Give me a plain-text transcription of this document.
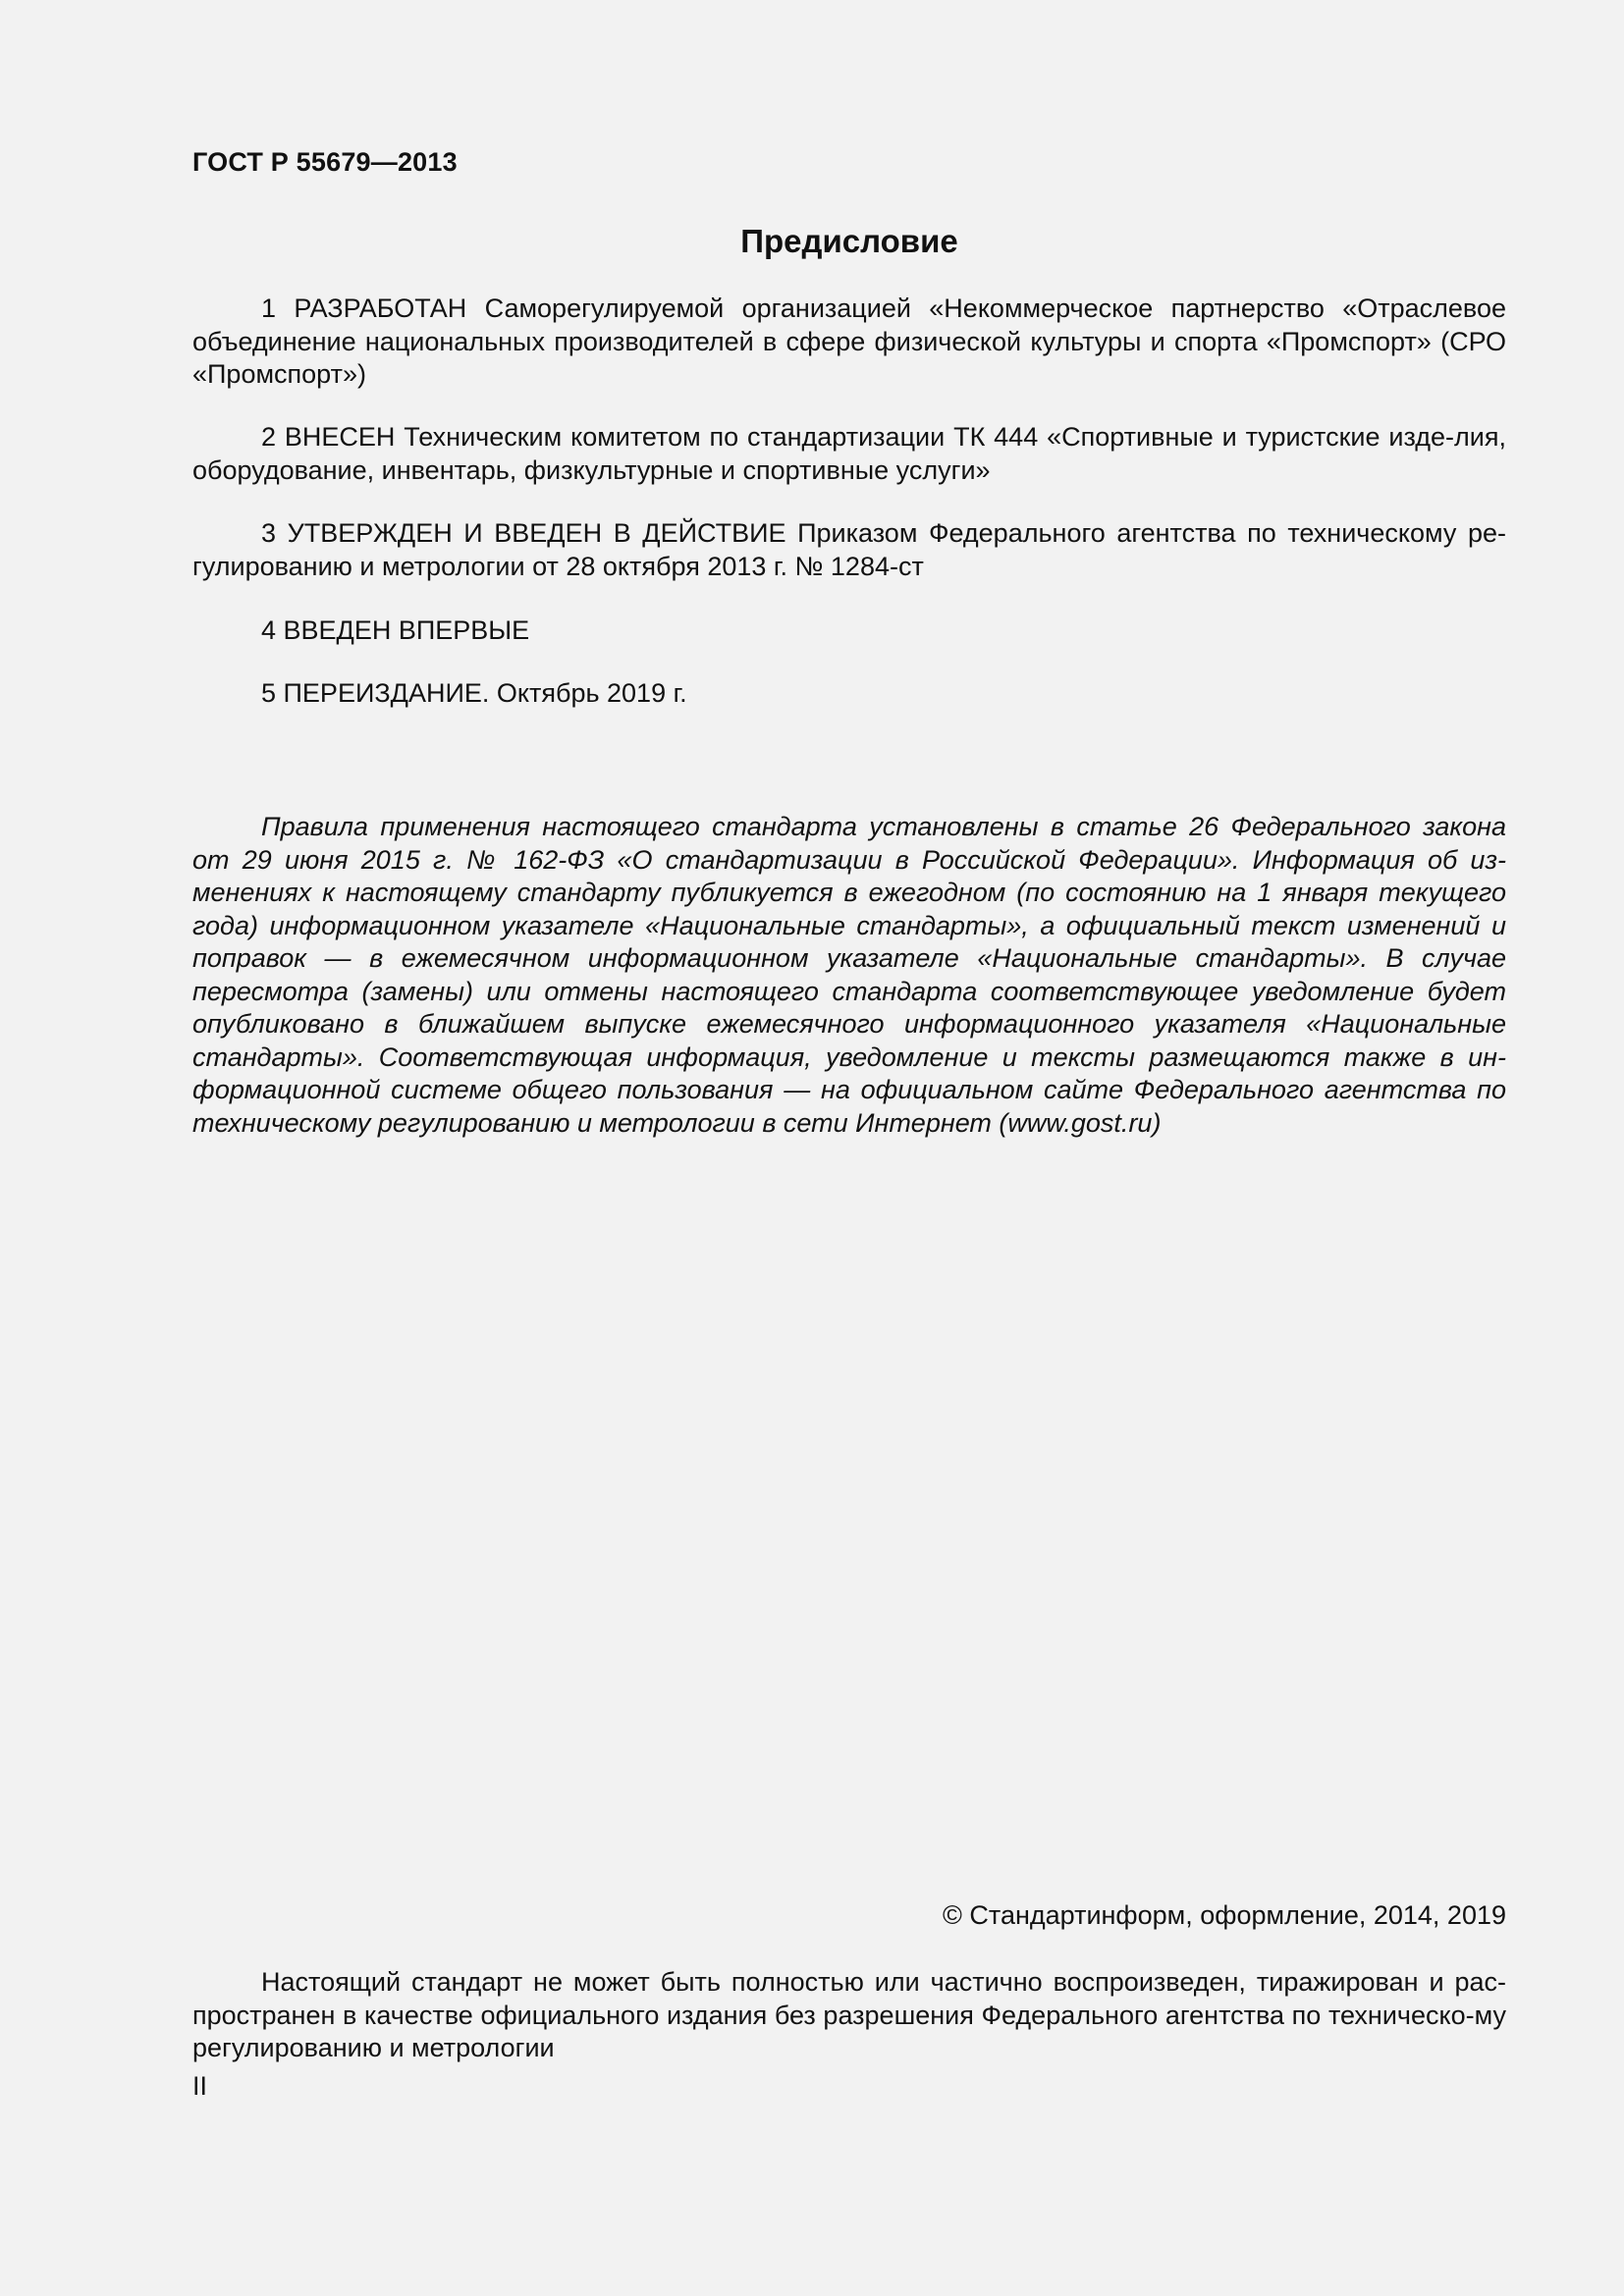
ГОСТ Р 55679—2013
Предисловие
1 РАЗРАБОТАН Саморегулируемой организацией «Некоммерческое партнерство «Отраслевое объединение национальных производителей в сфере физической культуры и спорта «Промспорт» (СРО «Промспорт»)
2 ВНЕСЕН Техническим комитетом по стандартизации ТК 444 «Спортивные и туристские изде-лия, оборудование, инвентарь, физкультурные и спортивные услуги»
3 УТВЕРЖДЕН И ВВЕДЕН В ДЕЙСТВИЕ Приказом Федерального агентства по техническому ре-гулированию и метрологии от 28 октября 2013 г. № 1284-ст
4 ВВЕДЕН ВПЕРВЫЕ
5 ПЕРЕИЗДАНИЕ. Октябрь 2019 г.
Правила применения настоящего стандарта установлены в статье 26 Федерального закона от 29 июня 2015 г. № 162-ФЗ «О стандартизации в Российской Федерации». Информация об из-менениях к настоящему стандарту публикуется в ежегодном (по состоянию на 1 января текущего года) информационном указателе «Национальные стандарты», а официальный текст изменений и поправок — в ежемесячном информационном указателе «Национальные стандарты». В случае пересмотра (замены) или отмены настоящего стандарта соответствующее уведомление будет опубликовано в ближайшем выпуске ежемесячного информационного указателя «Национальные стандарты». Соответствующая информация, уведомление и тексты размещаются также в ин-формационной системе общего пользования — на официальном сайте Федерального агентства по техническому регулированию и метрологии в сети Интернет (www.gost.ru)
© Стандартинформ, оформление, 2014, 2019
Настоящий стандарт не может быть полностью или частично воспроизведен, тиражирован и рас-пространен в качестве официального издания без разрешения Федерального агентства по техническо-му регулированию и метрологии
II
